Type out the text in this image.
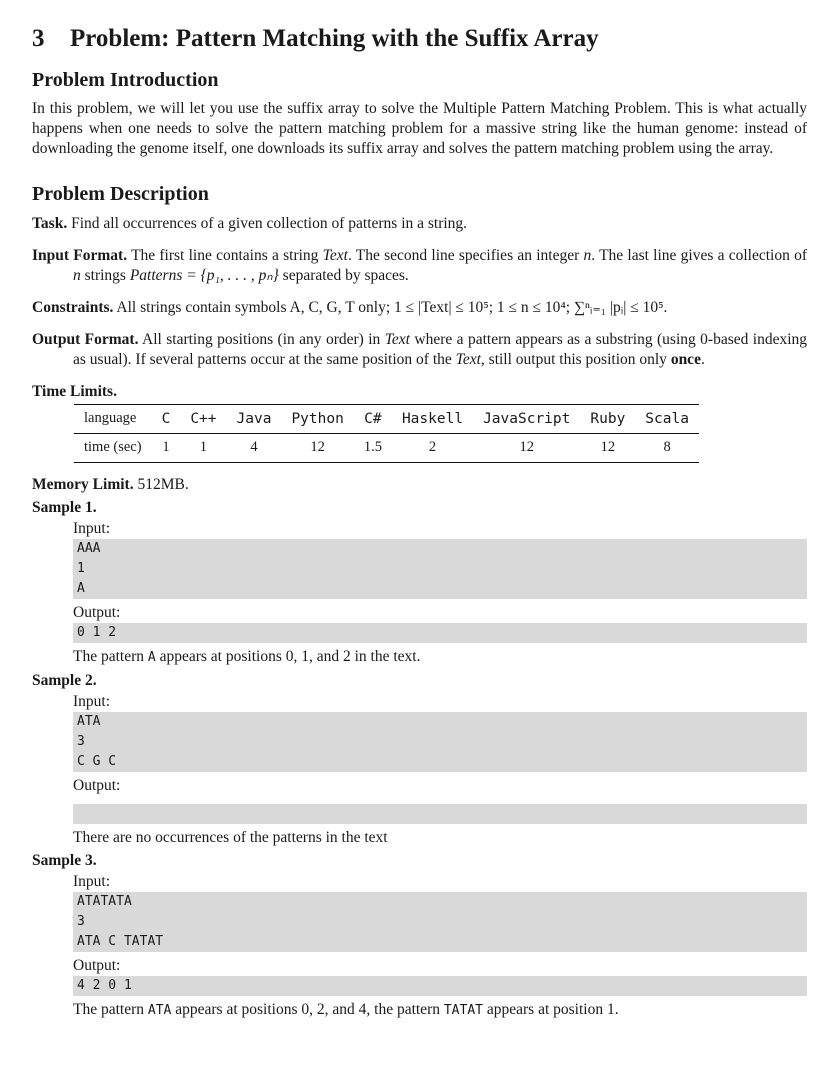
3 Problem: Pattern Matching with the Suffix Array
Problem Introduction
In this problem, we will let you use the suffix array to solve the Multiple Pattern Matching Problem. This is what actually happens when one needs to solve the pattern matching problem for a massive string like the human genome: instead of downloading the genome itself, one downloads its suffix array and solves the pattern matching problem using the array.
Problem Description
Task. Find all occurrences of a given collection of patterns in a string.
Input Format. The first line contains a string Text. The second line specifies an integer n. The last line gives a collection of n strings Patterns = {p₁, . . . , pₙ} separated by spaces.
Constraints. All strings contain symbols A, C, G, T only; 1 ≤ |Text| ≤ 10⁵; 1 ≤ n ≤ 10⁴; ∑ⁿᵢ₌₁ |pᵢ| ≤ 10⁵.
Output Format. All starting positions (in any order) in Text where a pattern appears as a substring (using 0-based indexing as usual). If several patterns occur at the same position of the Text, still output this position only once.
Time Limits.
language	C	C++	Java	Python	C#	Haskell	JavaScript	Ruby	Scala
time (sec)	1	1	4	12	1.5	2	12	12	8
Memory Limit. 512MB.
Sample 1.
Input:
AAA
1
A
Output:
0 1 2
The pattern A appears at positions 0, 1, and 2 in the text.
Sample 2.
Input:
ATA
3
C G C
Output:
There are no occurrences of the patterns in the text
Sample 3.
Input:
ATATATA
3
ATA C TATAT
Output:
4 2 0 1
The pattern ATA appears at positions 0, 2, and 4, the pattern TATAT appears at position 1.
